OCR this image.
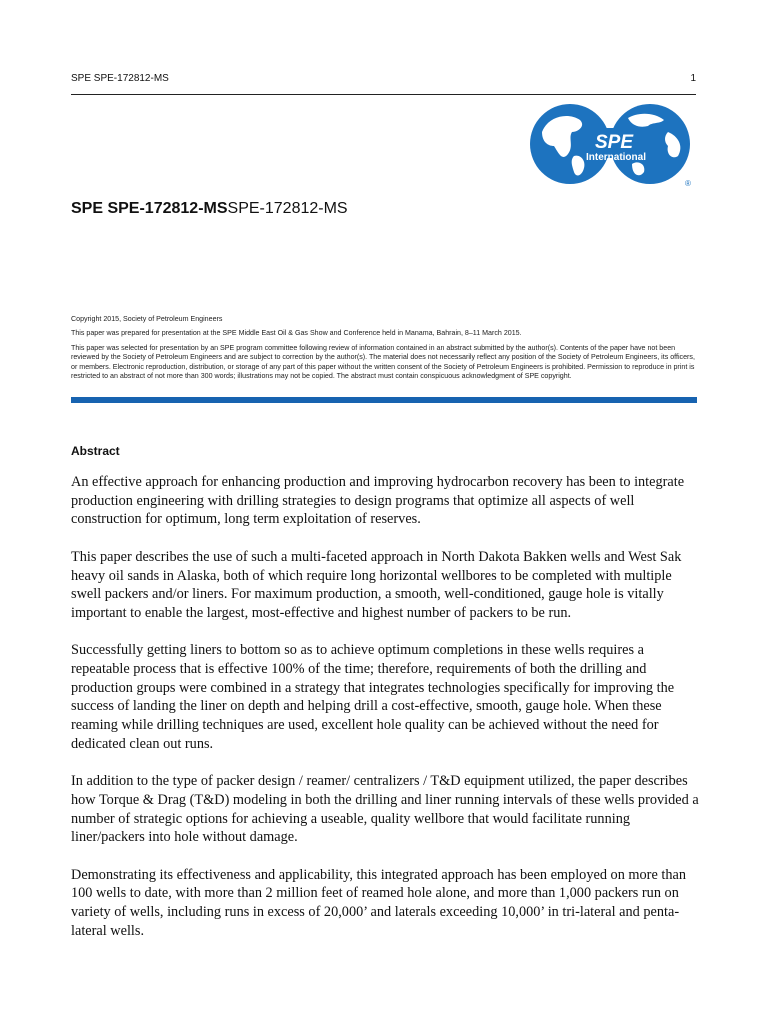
SPE SPE-172812-MS	1
SPE
International
®
SPE SPE-172812-MSSPE-172812-MS

Copyright 2015, Society of Petroleum Engineers

This paper was prepared for presentation at the SPE Middle East Oil & Gas Show and Conference held in Manama, Bahrain, 8–11 March 2015.

This paper was selected for presentation by an SPE program committee following review of information contained in an abstract submitted by the author(s). Contents of the paper have not been reviewed by the Society of Petroleum Engineers and are subject to correction by the author(s). The material does not necessarily reflect any position of the Society of Petroleum Engineers, its officers, or members. Electronic reproduction, distribution, or storage of any part of this paper without the written consent of the Society of Petroleum Engineers is prohibited. Permission to reproduce in print is restricted to an abstract of not more than 300 words; illustrations may not be copied. The abstract must contain conspicuous acknowledgment of SPE copyright.

Abstract

An effective approach for enhancing production and improving hydrocarbon recovery has been to integrate production engineering with drilling strategies to design programs that optimize all aspects of well construction for optimum, long term exploitation of reserves.

This paper describes the use of such a multi-faceted approach in North Dakota Bakken wells and West Sak heavy oil sands in Alaska, both of which require long horizontal wellbores to be completed with multiple swell packers and/or liners. For maximum production, a smooth, well-conditioned, gauge hole is vitally important to enable the largest, most-effective and highest number of packers to be run.

Successfully getting liners to bottom so as to achieve optimum completions in these wells requires a repeatable process that is effective 100% of the time; therefore, requirements of both the drilling and production groups were combined in a strategy that integrates technologies specifically for improving the success of landing the liner on depth and helping drill a cost-effective, smooth, gauge hole. When these reaming while drilling techniques are used, excellent hole quality can be achieved without the need for dedicated clean out runs.

In addition to the type of packer design / reamer/ centralizers / T&D equipment utilized, the paper describes how Torque & Drag (T&D) modeling in both the drilling and liner running intervals of these wells provided a number of strategic options for achieving a useable, quality wellbore that would facilitate running liner/packers into hole without damage.

Demonstrating its effectiveness and applicability, this integrated approach has been employed on more than 100 wells to date, with more than 2 million feet of reamed hole alone, and more than 1,000 packers run on variety of wells, including runs in excess of 20,000’ and laterals exceeding 10,000’ in tri-lateral and penta-lateral wells.
